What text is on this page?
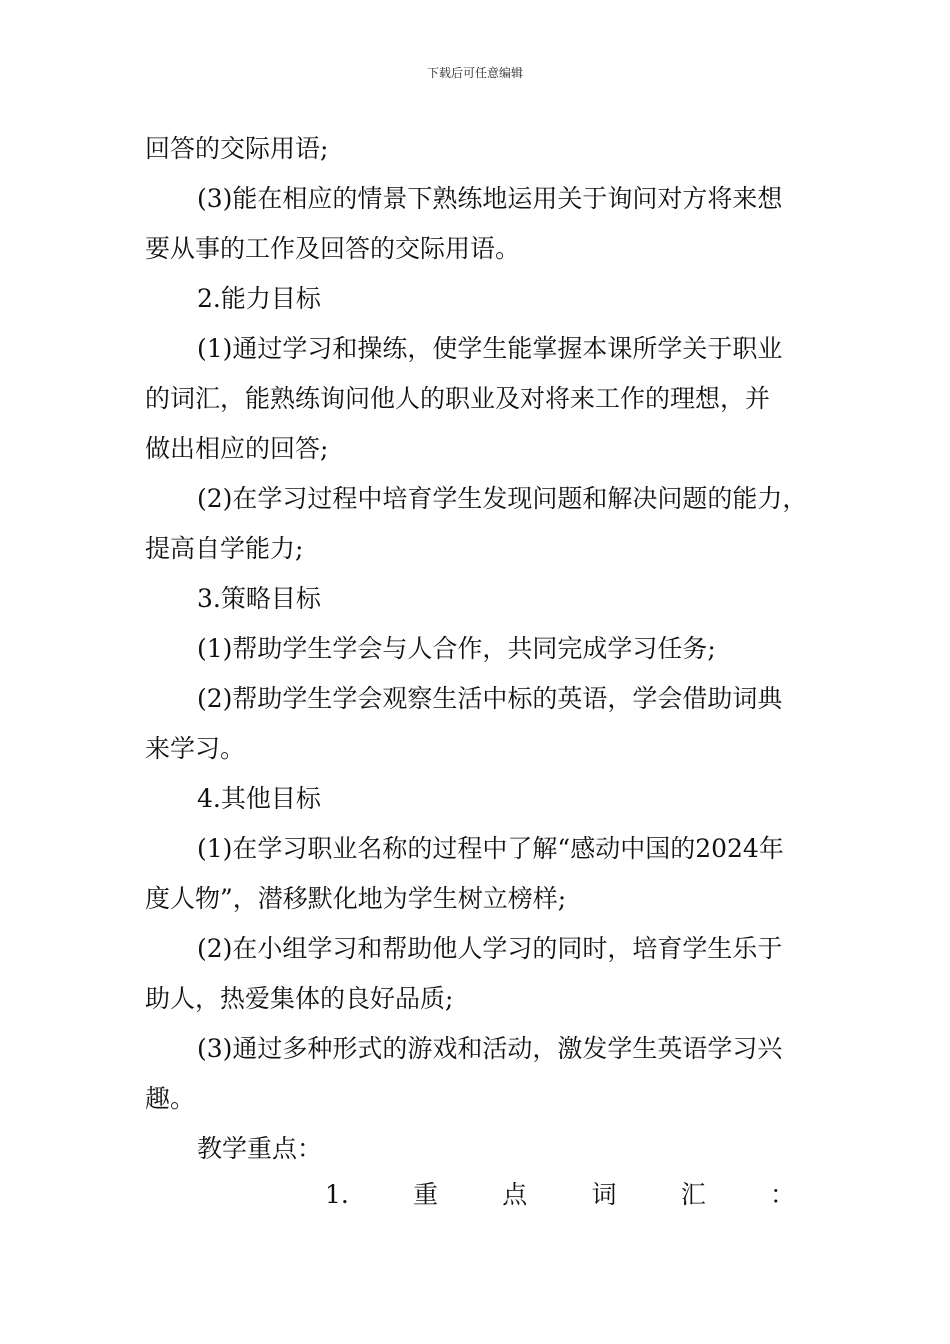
下载后可任意编辑
回答的交际用语;
(3)能在相应的情景下熟练地运用关于询问对方将来想
要从事的工作及回答的交际用语。
2.能力目标
(1)通过学习和操练，使学生能掌握本课所学关于职业
的词汇，能熟练询问他人的职业及对将来工作的理想，并
做出相应的回答;
(2)在学习过程中培育学生发现问题和解决问题的能力，
提高自学能力;
3.策略目标
(1)帮助学生学会与人合作，共同完成学习任务;
(2)帮助学生学会观察生活中标的英语，学会借助词典
来学习。
4.其他目标
(1)在学习职业名称的过程中了解“感动中国的2024年
度人物”，潜移默化地为学生树立榜样;
(2)在小组学习和帮助他人学习的同时，培育学生乐于
助人，热爱集体的良好品质;
(3)通过多种形式的游戏和活动，激发学生英语学习兴
趣。
教学重点：
1.	重	点	词	汇	：
